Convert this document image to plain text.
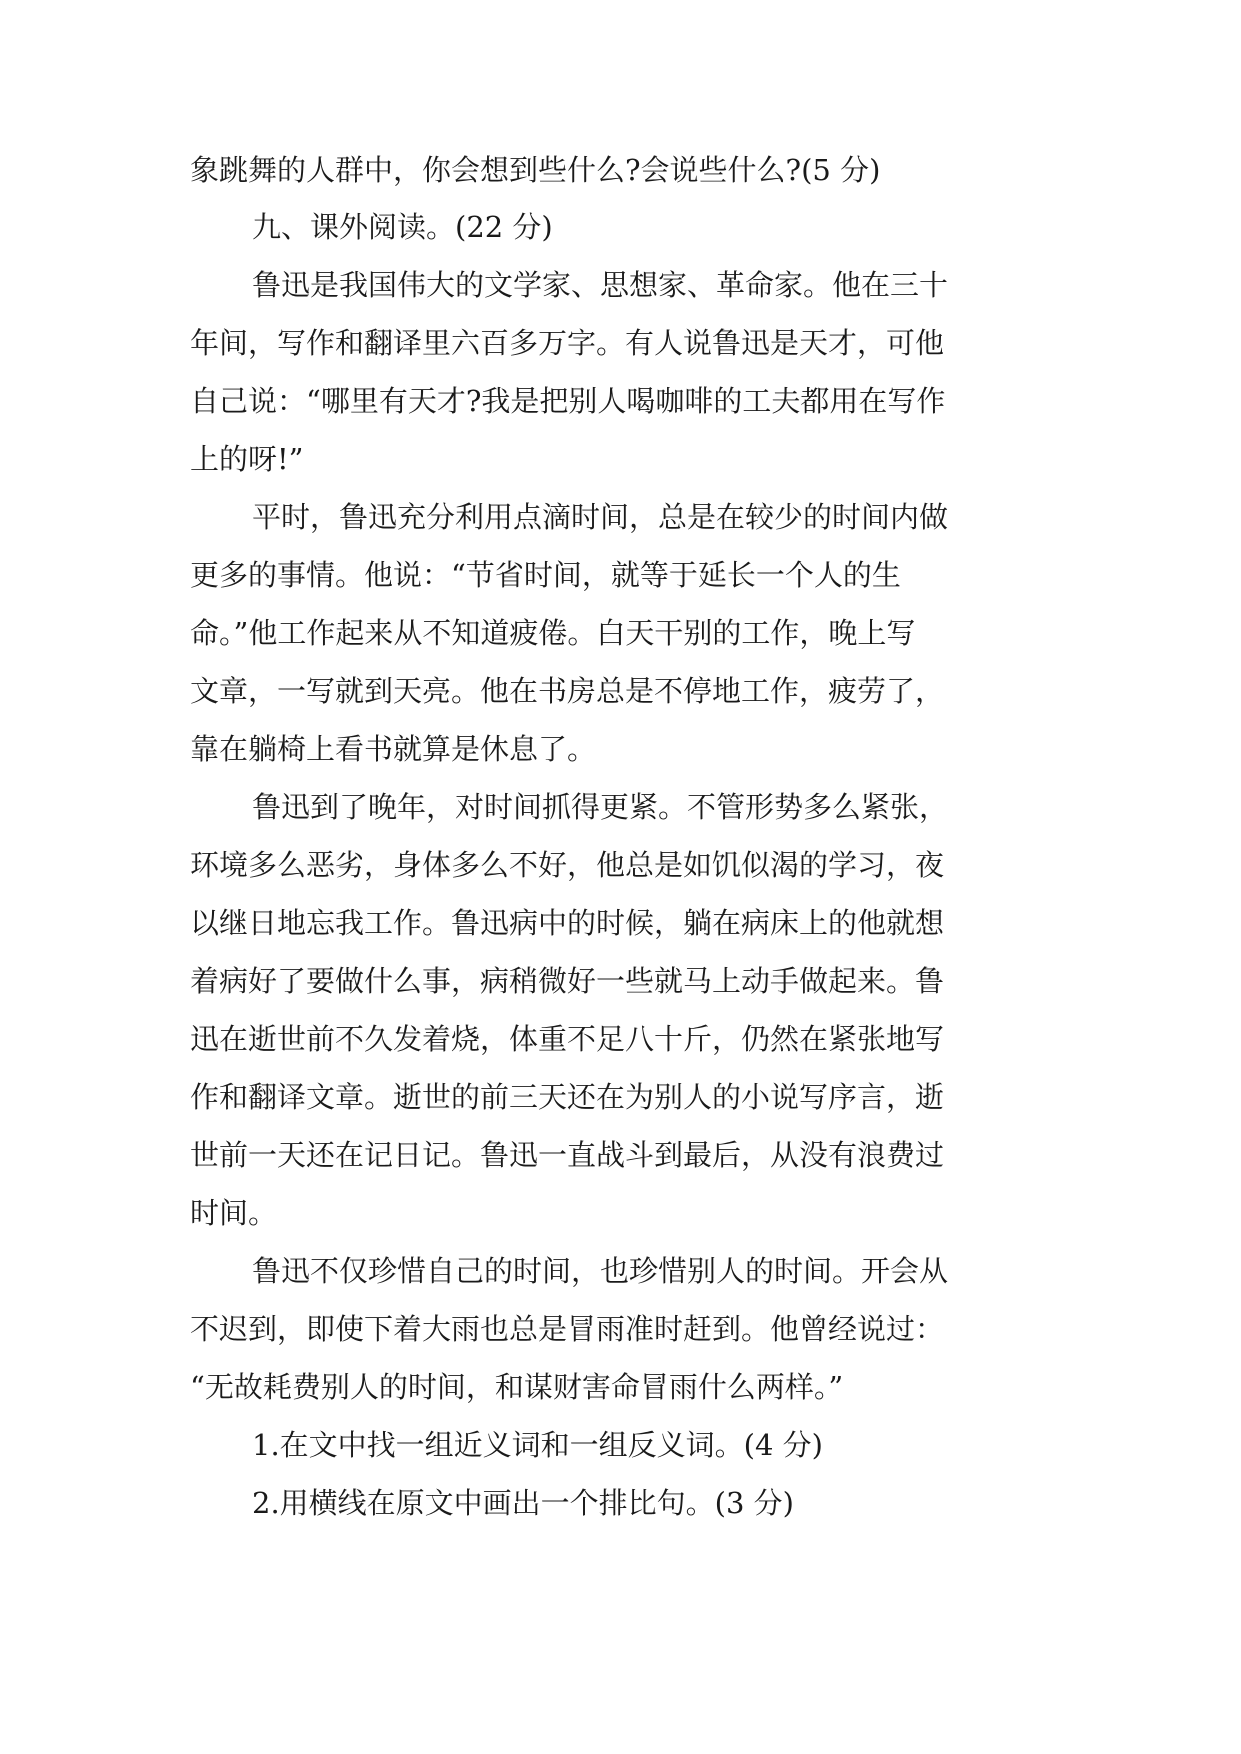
象跳舞的人群中，你会想到些什么?会说些什么?(5 分)
九、课外阅读。(22 分)
鲁迅是我国伟大的文学家、思想家、革命家。他在三十
年间，写作和翻译里六百多万字。有人说鲁迅是天才，可他
自己说：“哪里有天才?我是把别人喝咖啡的工夫都用在写作
上的呀!”
平时，鲁迅充分利用点滴时间，总是在较少的时间内做
更多的事情。他说：“节省时间，就等于延长一个人的生
命。”他工作起来从不知道疲倦。白天干别的工作，晚上写
文章，一写就到天亮。他在书房总是不停地工作，疲劳了，
靠在躺椅上看书就算是休息了。
鲁迅到了晚年，对时间抓得更紧。不管形势多么紧张，
环境多么恶劣，身体多么不好，他总是如饥似渴的学习，夜
以继日地忘我工作。鲁迅病中的时候，躺在病床上的他就想
着病好了要做什么事，病稍微好一些就马上动手做起来。鲁
迅在逝世前不久发着烧，体重不足八十斤，仍然在紧张地写
作和翻译文章。逝世的前三天还在为别人的小说写序言，逝
世前一天还在记日记。鲁迅一直战斗到最后，从没有浪费过
时间。
鲁迅不仅珍惜自己的时间，也珍惜别人的时间。开会从
不迟到，即使下着大雨也总是冒雨准时赶到。他曾经说过：
“无故耗费别人的时间，和谋财害命冒雨什么两样。”
1.在文中找一组近义词和一组反义词。(4 分)
2.用横线在原文中画出一个排比句。(3 分)
